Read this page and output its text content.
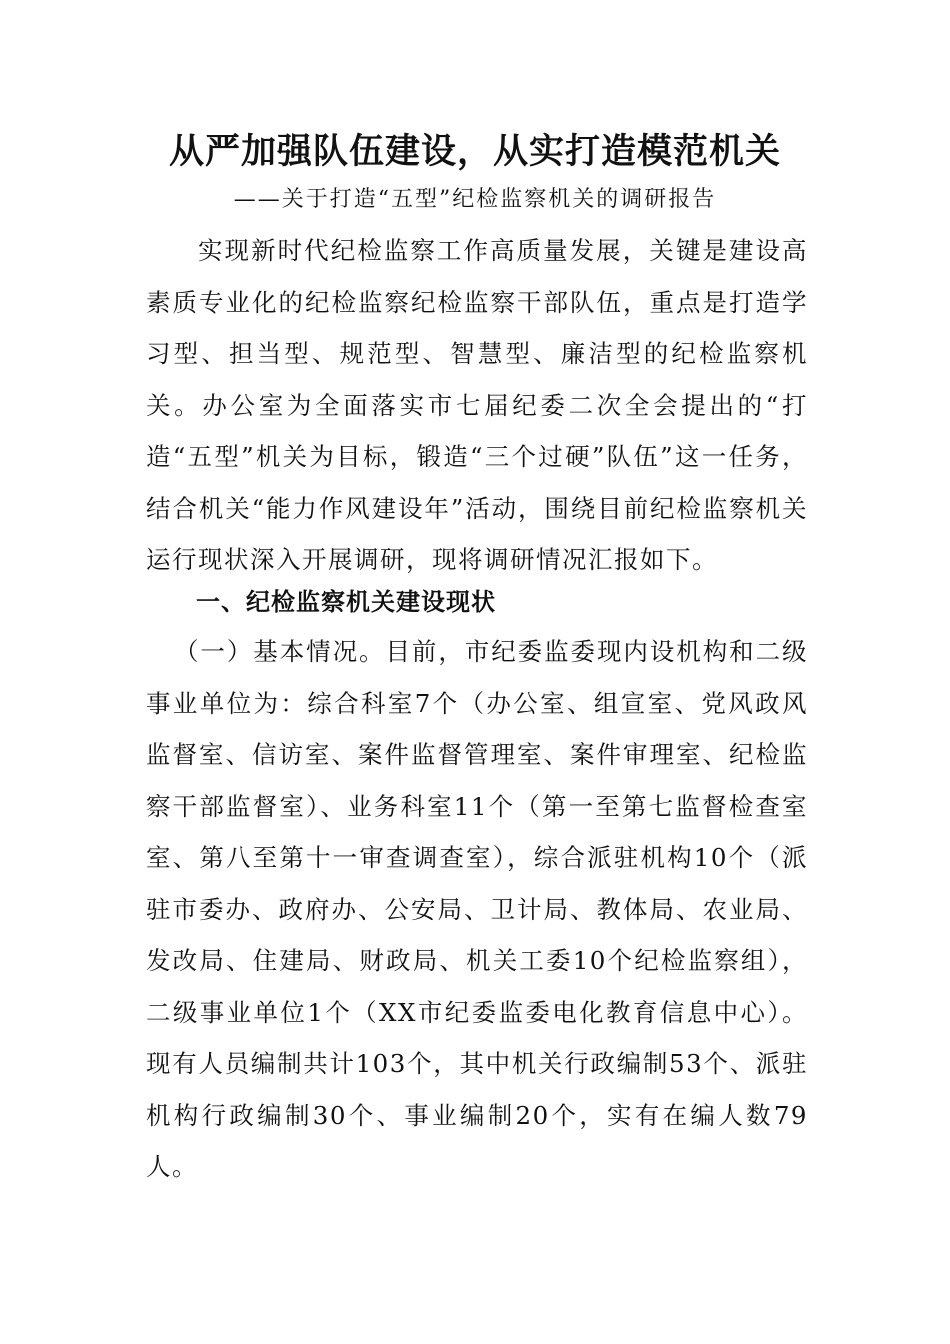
从严加强队伍建设，从实打造模范机关
——关于打造“五型”纪检监察机关的调研报告

实现新时代纪检监察工作高质量发展，关键是建设高素质专业化的纪检监察纪检监察干部队伍，重点是打造学习型、担当型、规范型、智慧型、廉洁型的纪检监察机关。办公室为全面落实市七届纪委二次全会提出的“打造“五型”机关为目标，锻造“三个过硬”队伍”这一任务，结合机关“能力作风建设年”活动，围绕目前纪检监察机关运行现状深入开展调研，现将调研情况汇报如下。

一、纪检监察机关建设现状

（一）基本情况。目前，市纪委监委现内设机构和二级事业单位为：综合科室7个（办公室、组宣室、党风政风监督室、信访室、案件监督管理室、案件审理室、纪检监察干部监督室）、业务科室11个（第一至第七监督检查室室、第八至第十一审查调查室），综合派驻机构10个（派驻市委办、政府办、公安局、卫计局、教体局、农业局、发改局、住建局、财政局、机关工委10个纪检监察组），二级事业单位1个（XX市纪委监委电化教育信息中心）。现有人员编制共计103个，其中机关行政编制53个、派驻机构行政编制30个、事业编制20个，实有在编人数79人。
